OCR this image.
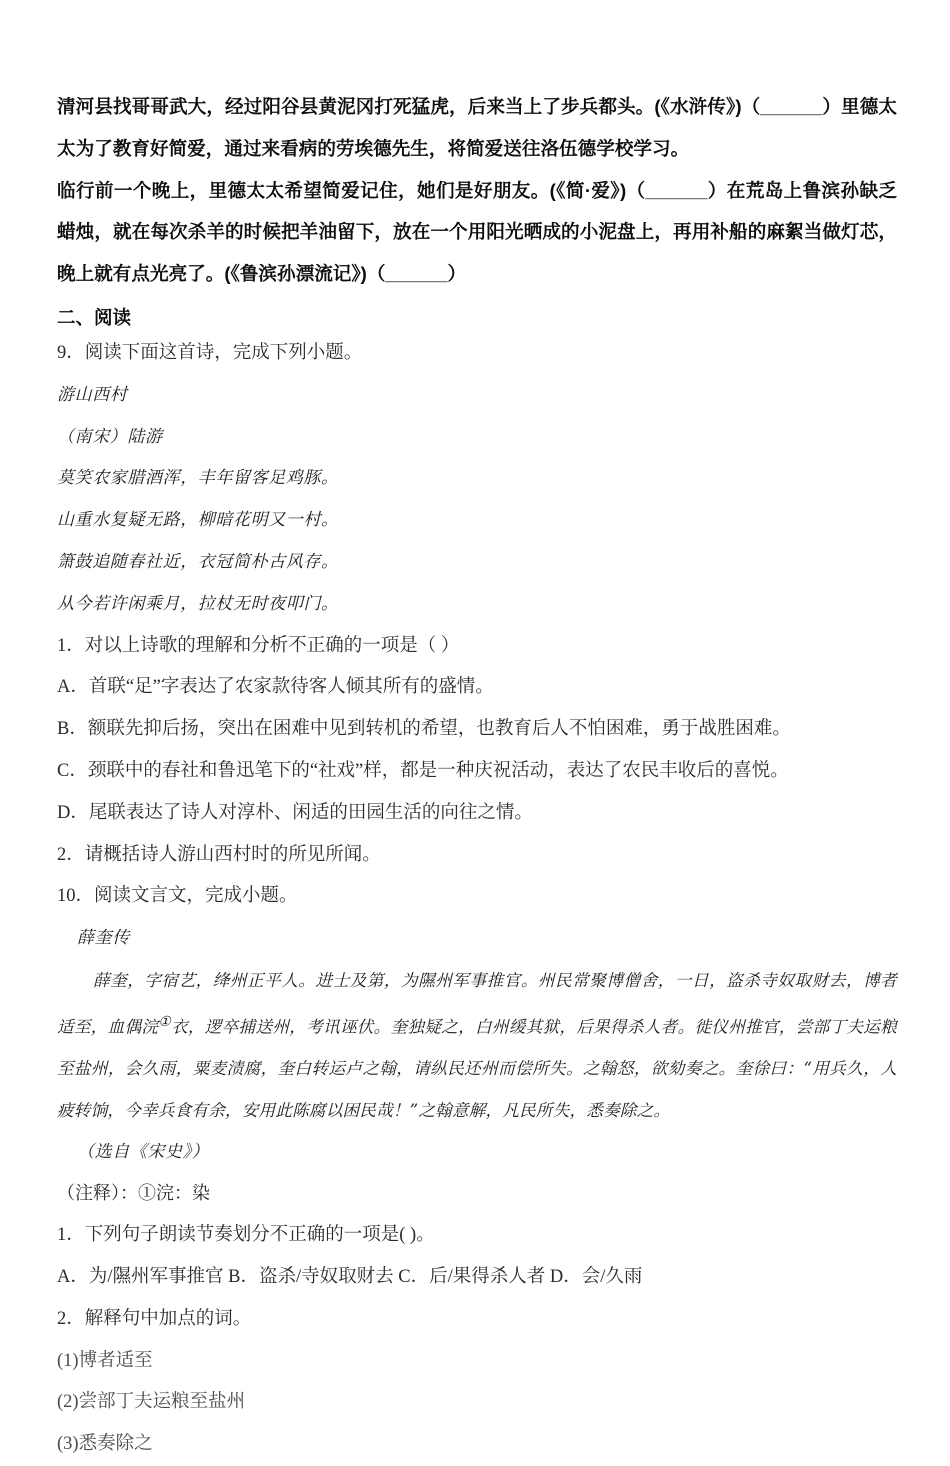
清河县找哥哥武大，经过阳谷县黄泥冈打死猛虎，后来当上了步兵都头。(《水浒传》)（______）里德太太为了教育好简爱，通过来看病的劳埃德先生，将简爱送往洛伍德学校学习。
临行前一个晚上，里德太太希望简爱记住，她们是好朋友。(《简·爱》)（______）在荒岛上鲁滨孙缺乏蜡烛，就在每次杀羊的时候把羊油留下，放在一个用阳光晒成的小泥盘上，再用补船的麻絮当做灯芯，晚上就有点光亮了。(《鲁滨孙漂流记》)（______）
二、阅读
9．阅读下面这首诗，完成下列小题。
游山西村
（南宋）陆游
莫笑农家腊酒浑，丰年留客足鸡豚。
山重水复疑无路，柳暗花明又一村。
箫鼓追随春社近，衣冠简朴古风存。
从今若许闲乘月，拉杖无时夜叩门。
1．对以上诗歌的理解和分析不正确的一项是（ ）
A．首联“足”字表达了农家款待客人倾其所有的盛情。
B．额联先抑后扬，突出在困难中见到转机的希望，也教育后人不怕困难，勇于战胜困难。
C．颈联中的春社和鲁迅笔下的“社戏”样，都是一种庆祝活动，表达了农民丰收后的喜悦。
D．尾联表达了诗人对淳朴、闲适的田园生活的向往之情。
2．请概括诗人游山西村时的所见所闻。
10．阅读文言文，完成小题。
薛奎传
薛奎，字宿艺，绛州正平人。进士及第，为隰州军事推官。州民常聚博僧舍，一日，盗杀寺奴取财去，博者适至，血偶浣①衣，逻卒捕送州，考讯诬伏。奎独疑之，白州缓其狱，后果得杀人者。徙仪州推官，尝部丁夫运粮至盐州，会久雨，粟麦渍腐，奎白转运卢之翰，请纵民还州而偿所失。之翰怒，欲劾奏之。奎徐曰：“用兵久，人疲转饷，今幸兵食有余，安用此陈腐以困民哉！”之翰意解，凡民所失，悉奏除之。
（选自《宋史》）
（注释）：①浣：染
1．下列句子朗读节奏划分不正确的一项是( )。
A．为/隰州军事推官 B．盗杀/寺奴取财去 C．后/果得杀人者 D．会/久雨
2．解释句中加点的词。
(1)博者适至
(2)尝部丁夫运粮至盐州
(3)悉奏除之
